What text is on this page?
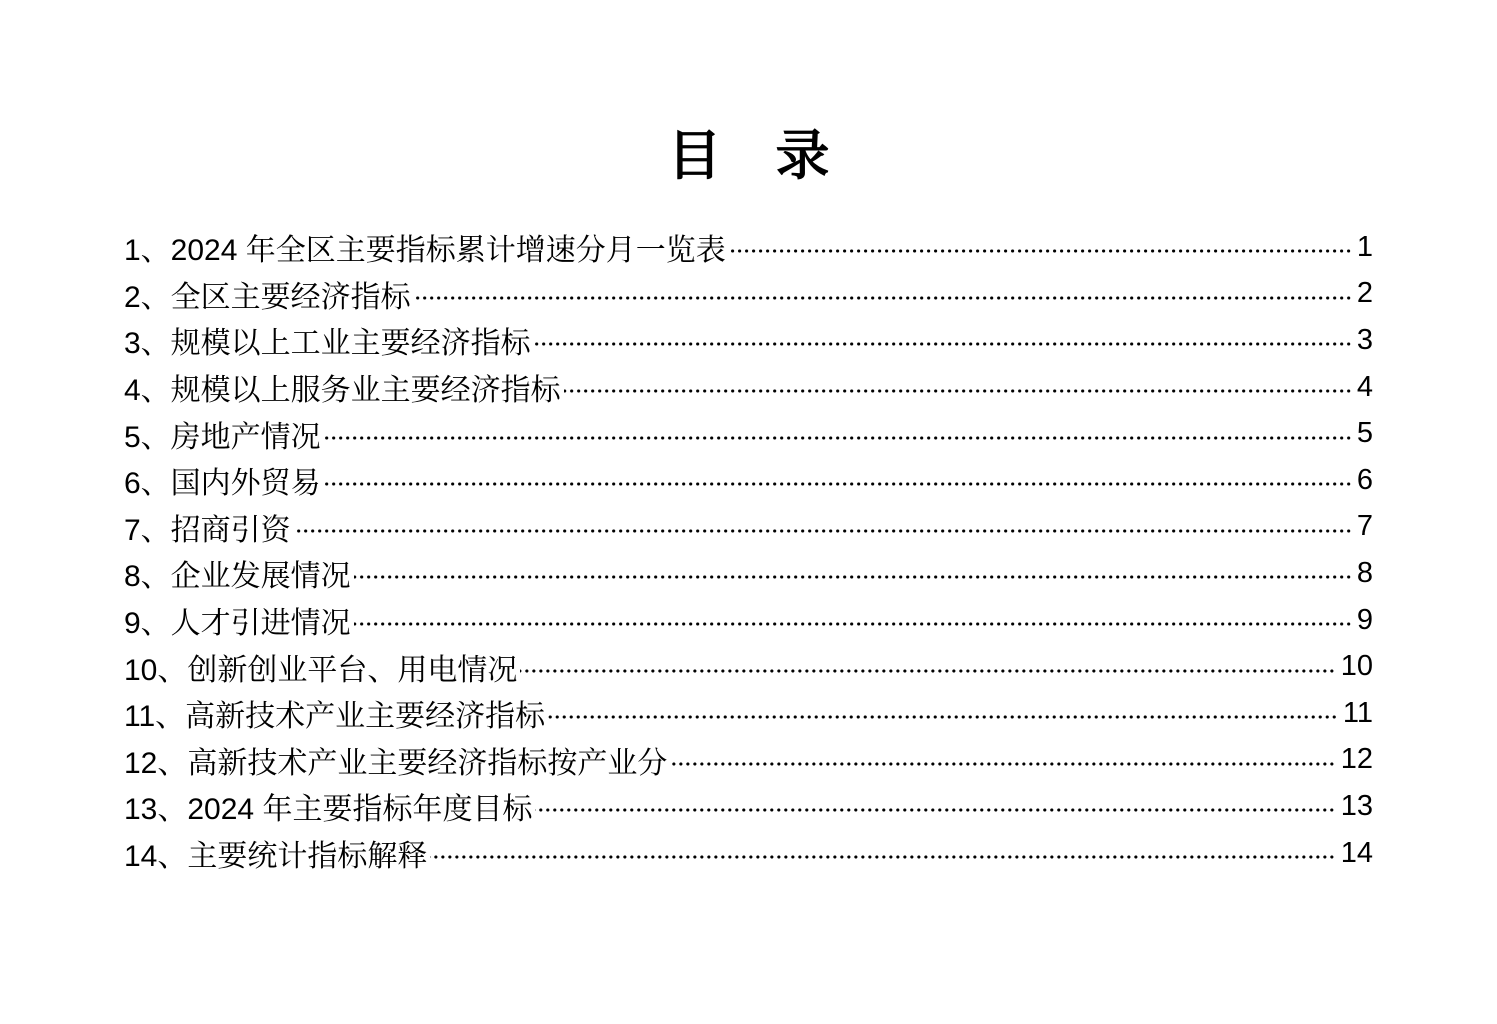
目　录
1、2024 年全区主要指标累计增速分月一览表	1
2、全区主要经济指标	2
3、规模以上工业主要经济指标	3
4、规模以上服务业主要经济指标	4
5、房地产情况	5
6、国内外贸易	6
7、招商引资	7
8、企业发展情况	8
9、人才引进情况	9
10、创新创业平台、用电情况	10
11、高新技术产业主要经济指标	11
12、高新技术产业主要经济指标按产业分	12
13、2024 年主要指标年度目标	13
14、主要统计指标解释	14
